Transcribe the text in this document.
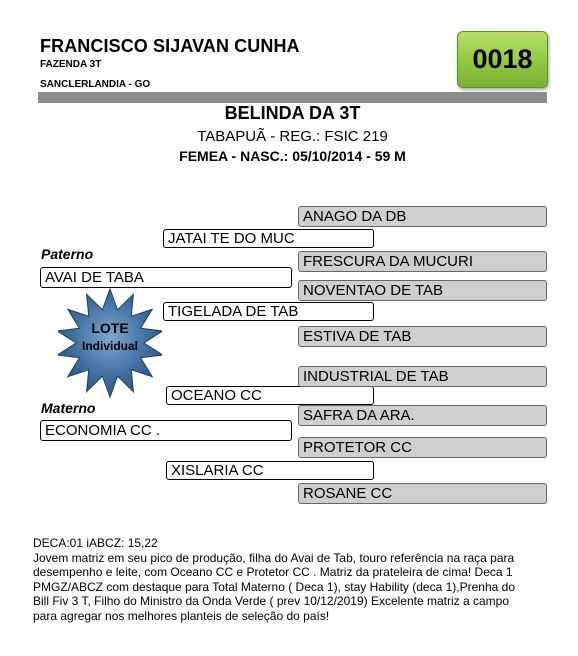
FRANCISCO SIJAVAN CUNHA
FAZENDA 3T
SANCLERLANDIA - GO
0018
BELINDA DA 3T
TABAPUÃ - REG.: FSIC 219
FEMEA - NASC.: 05/10/2014 - 59 M
Paterno
Materno
AVAI DE TABA
JATAI TE DO MUC
TIGELADA DE TAB
ANAGO DA DB
FRESCURA DA MUCURI
NOVENTAO DE TAB
ESTIVA DE TAB
LOTE

Individual
ECONOMIA CC .
OCEANO CC
XISLARIA CC
INDUSTRIAL DE TAB
SAFRA DA ARA.
PROTETOR CC
ROSANE CC

DECA:01 iABCZ: 15,22

Jovem matriz em seu pico de produção, filha do Avai de Tab, touro referência na raça para desempenho e leite, com Oceano CC e Protetor CC . Matriz da prateleira de cima! Deca 1 PMGZ/ABCZ com destaque para Total Materno ( Deca 1), stay Hability (deca 1),Prenha do Bill Fiv 3 T, Filho do Ministro da Onda Verde ( prev 10/12/2019) Excelente matriz a campo para agregar nos melhores planteis de seleção do país!
